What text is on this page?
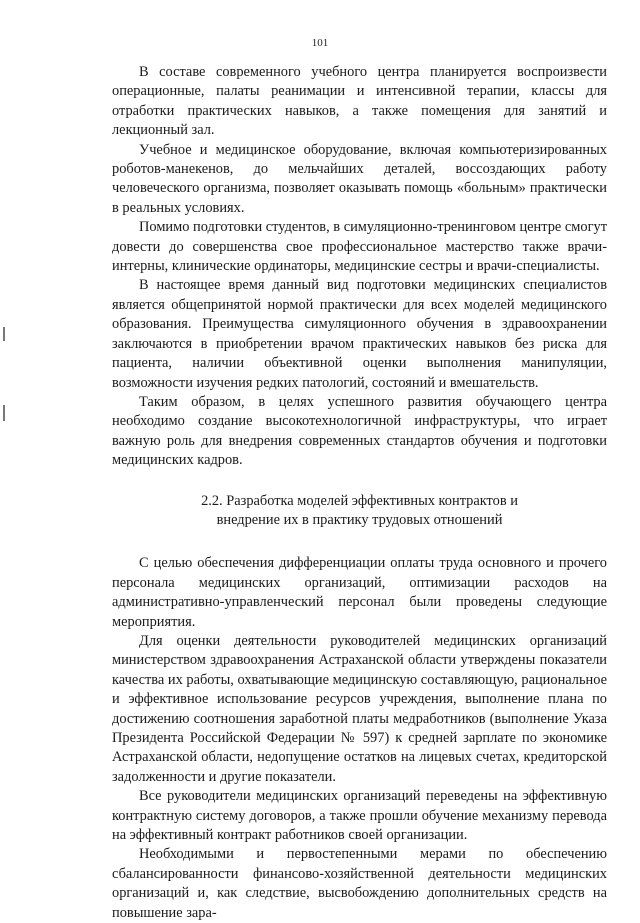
101

В составе современного учебного центра планируется воспроизвести операционные, палаты реанимации и интенсивной терапии, классы для отработки практических навыков, а также помещения для занятий и лекционный зал.

Учебное и медицинское оборудование, включая компьютеризированных роботов-манекенов, до мельчайших деталей, воссоздающих работу человеческого организма, позволяет оказывать помощь «больным» практически в реальных условиях.

Помимо подготовки студентов, в симуляционно-тренинговом центре смогут довести до совершенства свое профессиональное мастерство также врачи-интерны, клинические ординаторы, медицинские сестры и врачи-специалисты.

В настоящее время данный вид подготовки медицинских специалистов является общепринятой нормой практически для всех моделей медицинского образования. Преимущества симуляционного обучения в здравоохранении заключаются в приобретении врачом практических навыков без риска для пациента, наличии объективной оценки выполнения манипуляции, возможности изучения редких патологий, состояний и вмешательств.

Таким образом, в целях успешного развития обучающего центра необходимо создание высокотехнологичной инфраструктуры, что играет важную роль для внедрения современных стандартов обучения и подготовки медицинских кадров.

2.2. Разработка моделей эффективных контрактов и
внедрение их в практику трудовых отношений

С целью обеспечения дифференциации оплаты труда основного и прочего персонала медицинских организаций, оптимизации расходов на административно-управленческий персонал были проведены следующие мероприятия.

Для оценки деятельности руководителей медицинских организаций министерством здравоохранения Астраханской области утверждены показатели качества их работы, охватывающие медицинскую составляющую, рациональное и эффективное использование ресурсов учреждения, выполнение плана по достижению соотношения заработной платы медработников (выполнение Указа Президента Российской Федерации № 597) к средней зарплате по экономике Астраханской области, недопущение остатков на лицевых счетах, кредиторской задолженности и другие показатели.

Все руководители медицинских организаций переведены на эффективную контрактную систему договоров, а также прошли обучение механизму перевода на эффективный контракт работников своей организации.

Необходимыми и первостепенными мерами по обеспечению сбалансированности финансово-хозяйственной деятельности медицинских организаций и, как следствие, высвобождению дополнительных средств на повышение зара-
